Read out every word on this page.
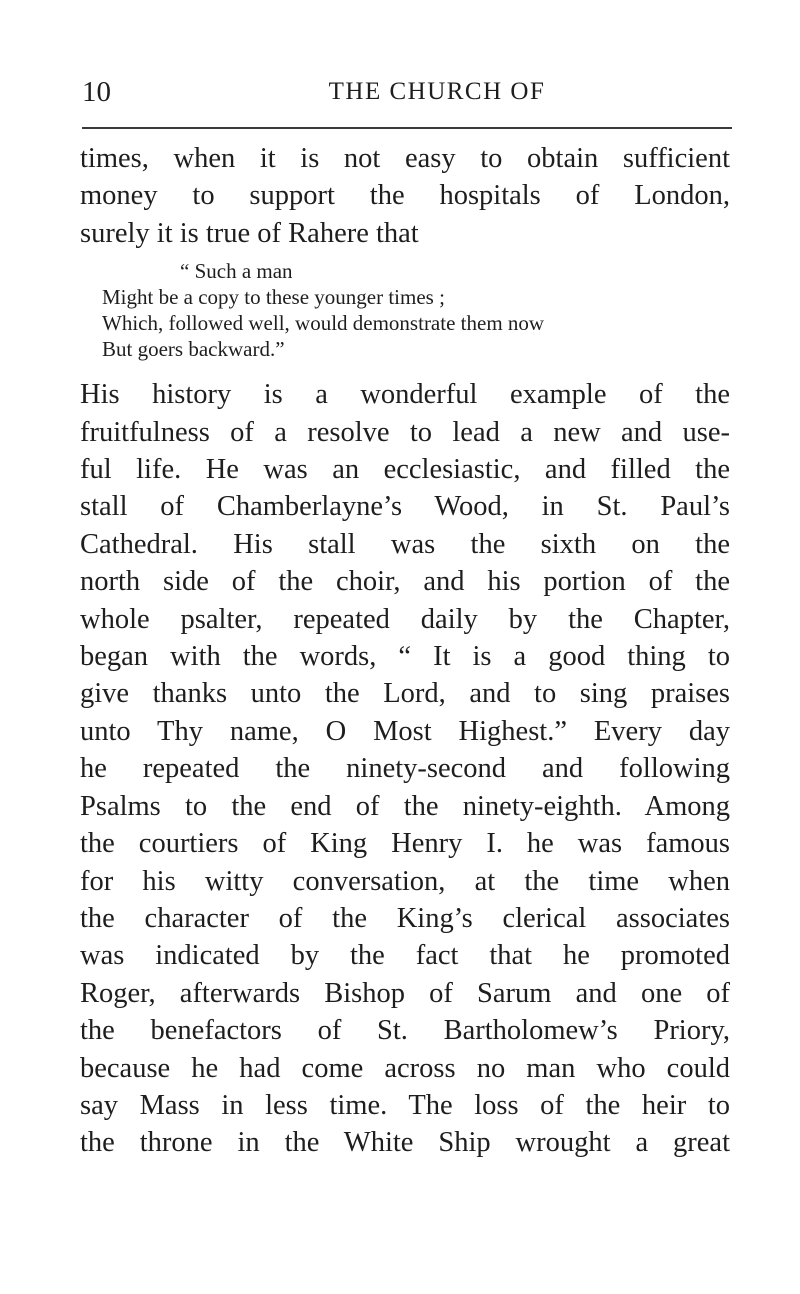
10	THE CHURCH OF
times, when it is not easy to obtain sufficient
money to support the hospitals of London,
surely it is true of Rahere that
“ Such a man
Might be a copy to these younger times ;
Which, followed well, would demonstrate them now
But goers backward.”
His history is a wonderful example of the
fruitfulness of a resolve to lead a new and use-
ful life. He was an ecclesiastic, and filled the
stall of Chamberlayne’s Wood, in St. Paul’s
Cathedral. His stall was the sixth on the
north side of the choir, and his portion of the
whole psalter, repeated daily by the Chapter,
began with the words, “ It is a good thing to
give thanks unto the Lord, and to sing praises
unto Thy name, O Most Highest.” Every day
he repeated the ninety-second and following
Psalms to the end of the ninety-eighth. Among
the courtiers of King Henry I. he was famous
for his witty conversation, at the time when
the character of the King’s clerical associates
was indicated by the fact that he promoted
Roger, afterwards Bishop of Sarum and one of
the benefactors of St. Bartholomew’s Priory,
because he had come across no man who could
say Mass in less time. The loss of the heir to
the throne in the White Ship wrought a great
